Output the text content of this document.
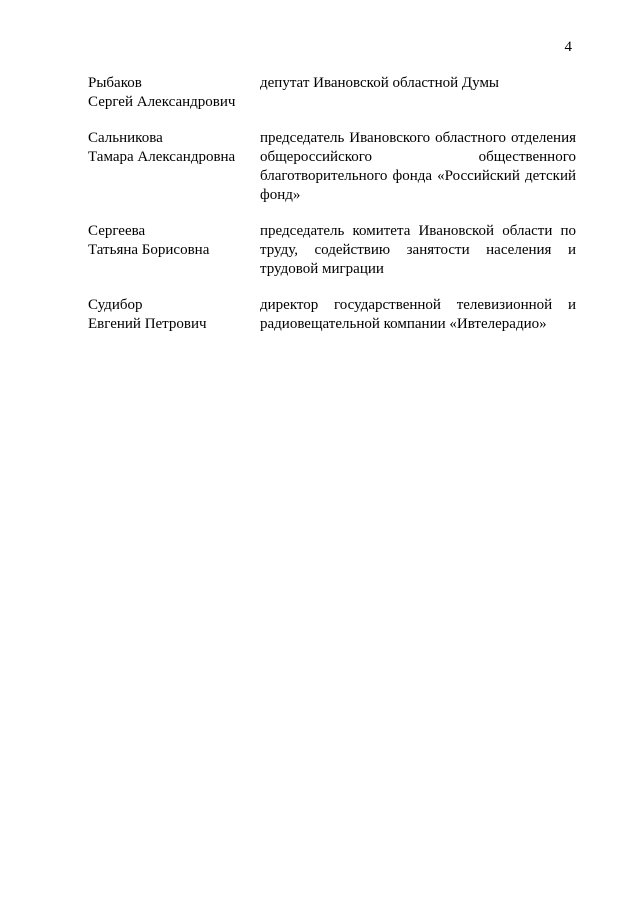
4
Рыбаков
Сергей Александрович
депутат Ивановской областной Думы
Сальникова
Тамара Александровна
председатель Ивановского областного отделения общероссийского общественного благотворительного фонда «Российский детский фонд»
Сергеева
Татьяна Борисовна
председатель комитета Ивановской области по труду, содействию занятости населения и трудовой миграции
Судибор
Евгений Петрович
директор государственной телевизионной и радиовещательной компании «Ивтелерадио»
